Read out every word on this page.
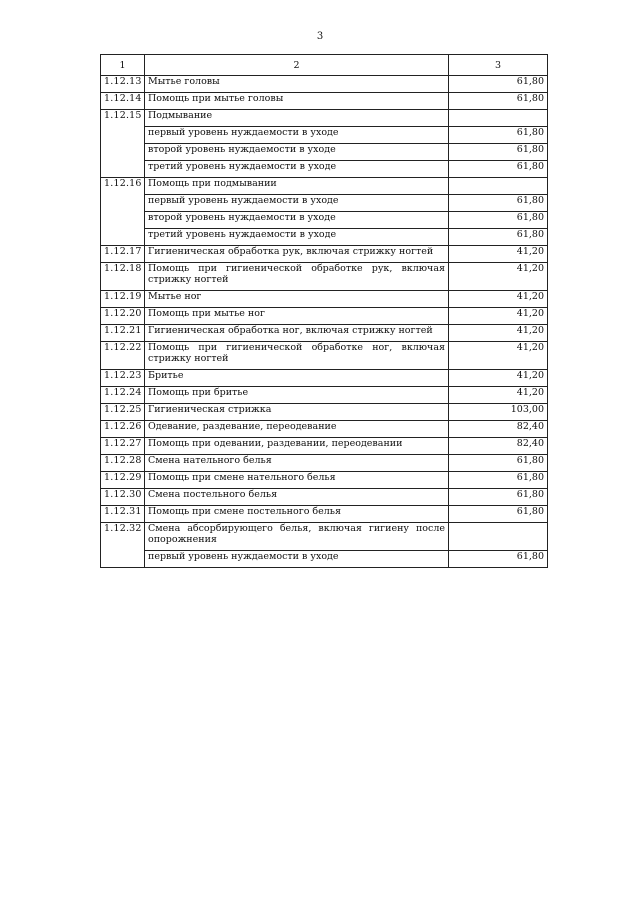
3
1	2	3
1.12.13	Мытье головы	61,80
1.12.14	Помощь при мытье головы	61,80
1.12.15	Подмывание	
	первый уровень нуждаемости в уходе	61,80
	второй уровень нуждаемости в уходе	61,80
	третий уровень нуждаемости в уходе	61,80
1.12.16	Помощь при подмывании	
	первый уровень нуждаемости в уходе	61,80
	второй уровень нуждаемости в уходе	61,80
	третий уровень нуждаемости в уходе	61,80
1.12.17	Гигиеническая обработка рук, включая стрижку ногтей	41,20
1.12.18	Помощь при гигиенической обработке рук, включая стрижку ногтей	41,20
1.12.19	Мытье ног	41,20
1.12.20	Помощь при мытье ног	41,20
1.12.21	Гигиеническая обработка ног, включая стрижку ногтей	41,20
1.12.22	Помощь при гигиенической обработке ног, включая стрижку ногтей	41,20
1.12.23	Бритье	41,20
1.12.24	Помощь при бритье	41,20
1.12.25	Гигиеническая стрижка	103,00
1.12.26	Одевание, раздевание, переодевание	82,40
1.12.27	Помощь при одевании, раздевании, переодевании	82,40
1.12.28	Смена нательного белья	61,80
1.12.29	Помощь при смене нательного белья	61,80
1.12.30	Смена постельного белья	61,80
1.12.31	Помощь при смене постельного белья	61,80
1.12.32	Смена абсорбирующего белья, включая гигиену после опорожнения	
	первый уровень нуждаемости в уходе	61,80
